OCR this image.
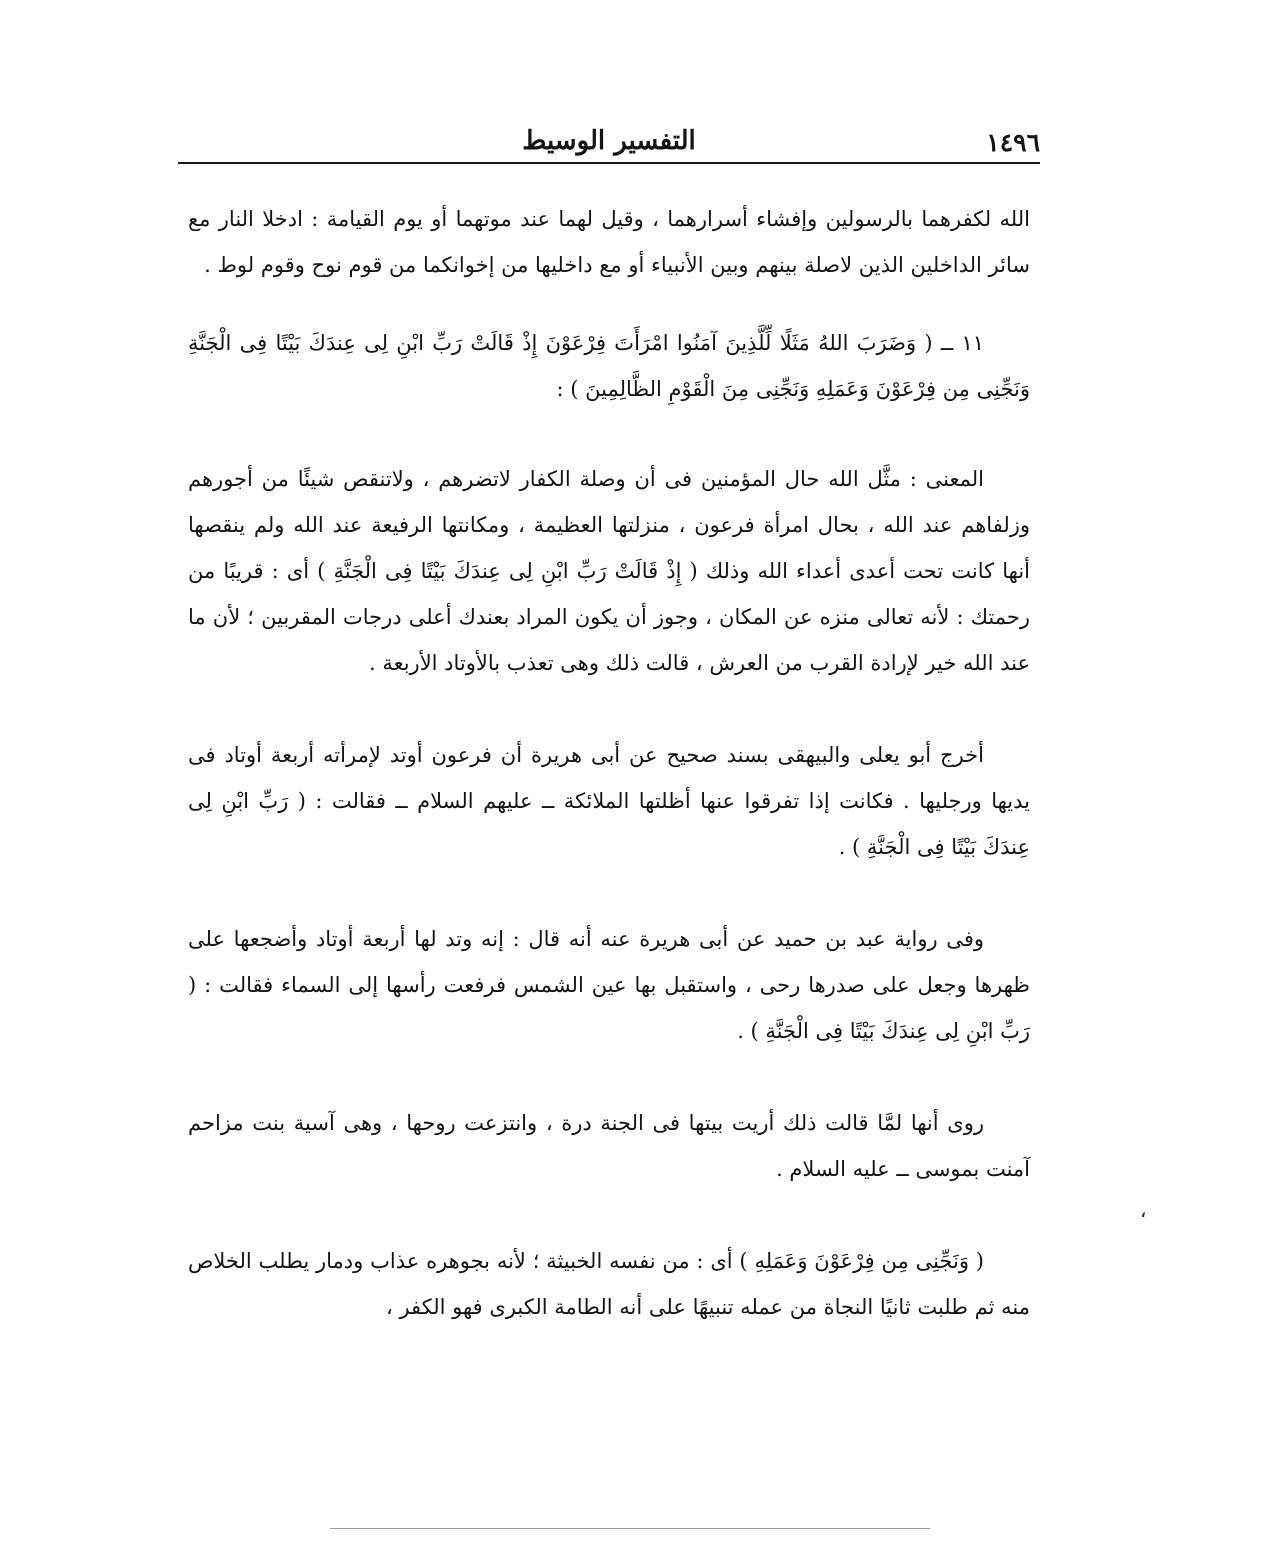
١٤٩٦
التفسير الوسيط

الله لكفرهما بالرسولين وإفشاء أسرارهما ، وقيل لهما عند موتهما أو يوم القيامة : ادخلا النار مع سائر الداخلين الذين لاصلة بينهم وبين الأنبياء أو مع داخليها من إخوانكما من قوم نوح وقوم لوط .

١١ ــ ( وَضَرَبَ اللهُ مَثَلًا لِّلَّذِينَ آمَنُوا امْرَأَتَ فِرْعَوْنَ إِذْ قَالَتْ رَبِّ ابْنِ لِى عِندَكَ بَيْتًا فِى الْجَنَّةِ وَنَجِّنِى مِن فِرْعَوْنَ وَعَمَلِهِ وَنَجِّنِى مِنَ الْقَوْمِ الظَّالِمِينَ ) :

المعنى : مثَّل الله حال المؤمنين فى أن وصلة الكفار لاتضرهم ، ولاتنقص شيئًا من أجورهم وزلفاهم عند الله ، بحال امرأة فرعون ، منزلتها العظيمة ، ومكانتها الرفيعة عند الله ولم ينقصها أنها كانت تحت أعدى أعداء الله وذلك ( إِذْ قَالَتْ رَبِّ ابْنِ لِى عِندَكَ بَيْتًا فِى الْجَنَّةِ ) أى : قريبًا من رحمتك : لأنه تعالى منزه عن المكان ، وجوز أن يكون المراد بعندك أعلى درجات المقربين ؛ لأن ما عند الله خير لإرادة القرب من العرش ، قالت ذلك وهى تعذب بالأوتاد الأربعة .

أخرج أبو يعلى والبيهقى بسند صحيح عن أبى هريرة أن فرعون أوتد لإمرأته أربعة أوتاد فى يديها ورجليها . فكانت إذا تفرقوا عنها أظلتها الملائكة ــ عليهم السلام ــ فقالت : ( رَبِّ ابْنِ لِى عِندَكَ بَيْتًا فِى الْجَنَّةِ ) .

وفى رواية عبد بن حميد عن أبى هريرة عنه أنه قال : إنه وتد لها أربعة أوتاد وأضجعها على ظهرها وجعل على صدرها رحى ، واستقبل بها عين الشمس فرفعت رأسها إلى السماء فقالت : ( رَبِّ ابْنِ لِى عِندَكَ بَيْتًا فِى الْجَنَّةِ ) .

روى أنها لمَّا قالت ذلك أريت بيتها فى الجنة درة ، وانتزعت روحها ، وهى آسية بنت مزاحم آمنت بموسى ــ عليه السلام .

( وَنَجِّنِى مِن فِرْعَوْنَ وَعَمَلِهِ ) أى : من نفسه الخبيثة ؛ لأنه بجوهره عذاب ودمار يطلب الخلاص منه ثم طلبت ثانيًا النجاة من عمله تنبيهًا على أنه الطامة الكبرى فهو الكفر ،

،
